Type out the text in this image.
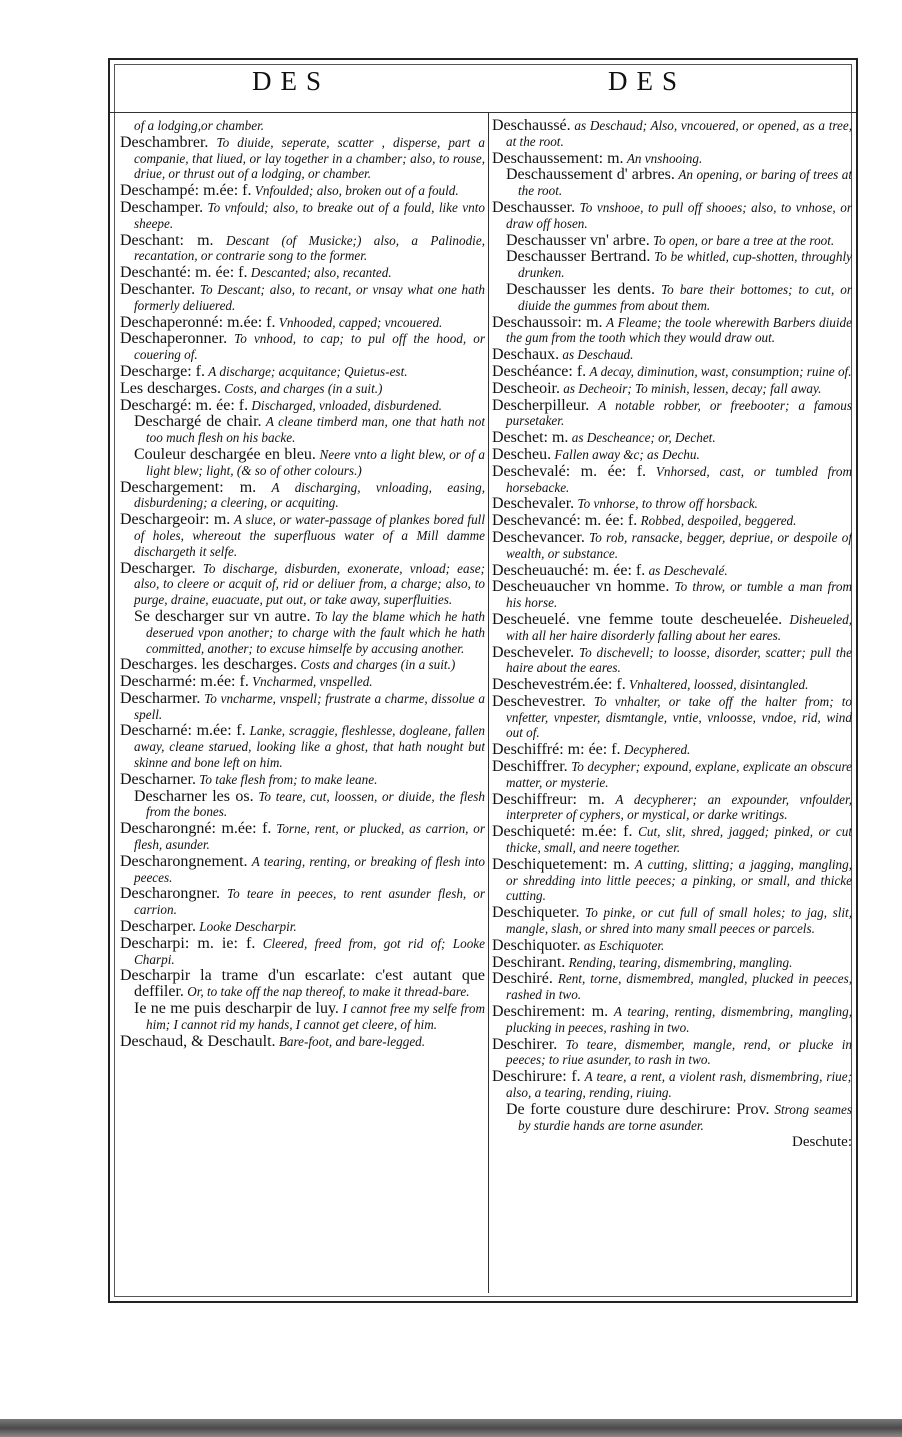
DES	DES

of a lodging,or chamber.

Deschambrer. To diuide, seperate, scatter , disperse, part a companie, that liued, or lay together in a chamber; also, to rouse, driue, or thrust out of a lodging, or chamber.

Deschampé: m.ée: f. Vnfoulded; also, broken out of a fould.

Deschamper. To vnfould; also, to breake out of a fould, like vnto sheepe.

Deschant: m. Descant (of Musicke;) also, a Palinodie, recantation, or contrarie song to the former.

Deschanté: m. ée: f. Descanted; also, recanted.

Deschanter. To Descant; also, to recant, or vnsay what one hath formerly deliuered.

Deschaperonné: m.ée: f. Vnhooded, capped; vncouered.

Deschaperonner. To vnhood, to cap; to pul off the hood, or couering of.

Descharge: f. A discharge; acquitance; Quietus-est.

Les descharges. Costs, and charges (in a suit.)

Deschargé: m. ée: f. Discharged, vnloaded, disburdened.

Deschargé de chair. A cleane timberd man, one that hath not too much flesh on his backe.

Couleur deschargée en bleu. Neere vnto a light blew, or of a light blew; light, (& so of other colours.)

Deschargement: m. A discharging, vnloading, easing, disburdening; a cleering, or acquiting.

Deschargeoir: m. A sluce, or water-passage of plankes bored full of holes, whereout the superfluous water of a Mill damme dischargeth it selfe.

Descharger. To discharge, disburden, exonerate, vnload; ease; also, to cleere or acquit of, rid or deliuer from, a charge; also, to purge, draine, euacuate, put out, or take away, superfluities.

Se descharger sur vn autre. To lay the blame which he hath deserued vpon another; to charge with the fault which he hath committed, another; to excuse himselfe by accusing another.

Descharges. les descharges. Costs and charges (in a suit.)

Descharmé: m.ée: f. Vncharmed, vnspelled.

Descharmer. To vncharme, vnspell; frustrate a charme, dissolue a spell.

Descharné: m.ée: f. Lanke, scraggie, fleshlesse, dogleane, fallen away, cleane starued, looking like a ghost, that hath nought but skinne and bone left on him.

Descharner. To take flesh from; to make leane.

Descharner les os. To teare, cut, loossen, or diuide, the flesh from the bones.

Descharongné: m.ée: f. Torne, rent, or plucked, as carrion, or flesh, asunder.

Descharongnement. A tearing, renting, or breaking of flesh into peeces.

Descharongner. To teare in peeces, to rent asunder flesh, or carrion.

Descharper. Looke Descharpir.

Descharpi: m. ie: f. Cleered, freed from, got rid of; Looke Charpi.

Descharpir la trame d'un escarlate: c'est autant que deffiler. Or, to take off the nap thereof, to make it thread-bare.

Ie ne me puis descharpir de luy. I cannot free my selfe from him; I cannot rid my hands, I cannot get cleere, of him.

Deschaud, & Deschault. Bare-foot, and bare-legged.

Deschaussé. as Deschaud; Also, vncouered, or opened, as a tree, at the root.

Deschaussement: m. An vnshooing.

Deschaussement d' arbres. An opening, or baring of trees at the root.

Deschausser. To vnshooe, to pull off shooes; also, to vnhose, or draw off hosen.

Deschausser vn' arbre. To open, or bare a tree at the root.

Deschausser Bertrand. To be whitled, cup-shotten, throughly drunken.

Deschausser les dents. To bare their bottomes; to cut, or diuide the gummes from about them.

Deschaussoir: m. A Fleame; the toole wherewith Barbers diuide the gum from the tooth which they would draw out.

Deschaux. as Deschaud.

Deschéance: f. A decay, diminution, wast, consumption; ruine of.

Descheoir. as Decheoir; To minish, lessen, decay; fall away.

Descherpilleur. A notable robber, or freebooter; a famous pursetaker.

Deschet: m. as Descheance; or, Dechet.

Descheu. Fallen away &c; as Dechu.

Deschevalé: m. ée: f. Vnhorsed, cast, or tumbled from horsebacke.

Deschevaler. To vnhorse, to throw off horsback.

Deschevancé: m. ée: f. Robbed, despoiled, beggered.

Deschevancer. To rob, ransacke, begger, depriue, or despoile of wealth, or substance.

Descheuauché: m. ée: f. as Deschevalé.

Descheuaucher vn homme. To throw, or tumble a man from his horse.

Descheuelé. vne femme toute descheuelée. Disheueled, with all her haire disorderly falling about her eares.

Descheveler. To dischevell; to loosse, disorder, scatter; pull the haire about the eares.

Deschevestrém.ée: f. Vnhaltered, loossed, disintangled.

Deschevestrer. To vnhalter, or take off the halter from; to vnfetter, vnpester, dismtangle, vntie, vnloosse, vndoe, rid, wind out of.

Deschiffré: m: ée: f. Decyphered.

Deschiffrer. To decypher; expound, explane, explicate an obscure matter, or mysterie.

Deschiffreur: m. A decypherer; an expounder, vnfoulder, interpreter of cyphers, or mystical, or darke writings.

Deschiqueté: m.ée: f. Cut, slit, shred, jagged; pinked, or cut thicke, small, and neere together.

Deschiquetement: m. A cutting, slitting; a jagging, mangling, or shredding into little peeces; a pinking, or small, and thicke cutting.

Deschiqueter. To pinke, or cut full of small holes; to jag, slit, mangle, slash, or shred into many small peeces or parcels.

Deschiquoter. as Eschiquoter.

Deschirant. Rending, tearing, dismembring, mangling.

Deschiré. Rent, torne, dismembred, mangled, plucked in peeces, rashed in two.

Deschirement: m. A tearing, renting, dismembring, mangling, plucking in peeces, rashing in two.

Deschirer. To teare, dismember, mangle, rend, or plucke in peeces; to riue asunder, to rash in two.

Deschirure: f. A teare, a rent, a violent rash, dismembring, riue; also, a tearing, rending, riuing.

De forte cousture dure deschirure: Prov. Strong seames by sturdie hands are torne asunder.

Deschute:
